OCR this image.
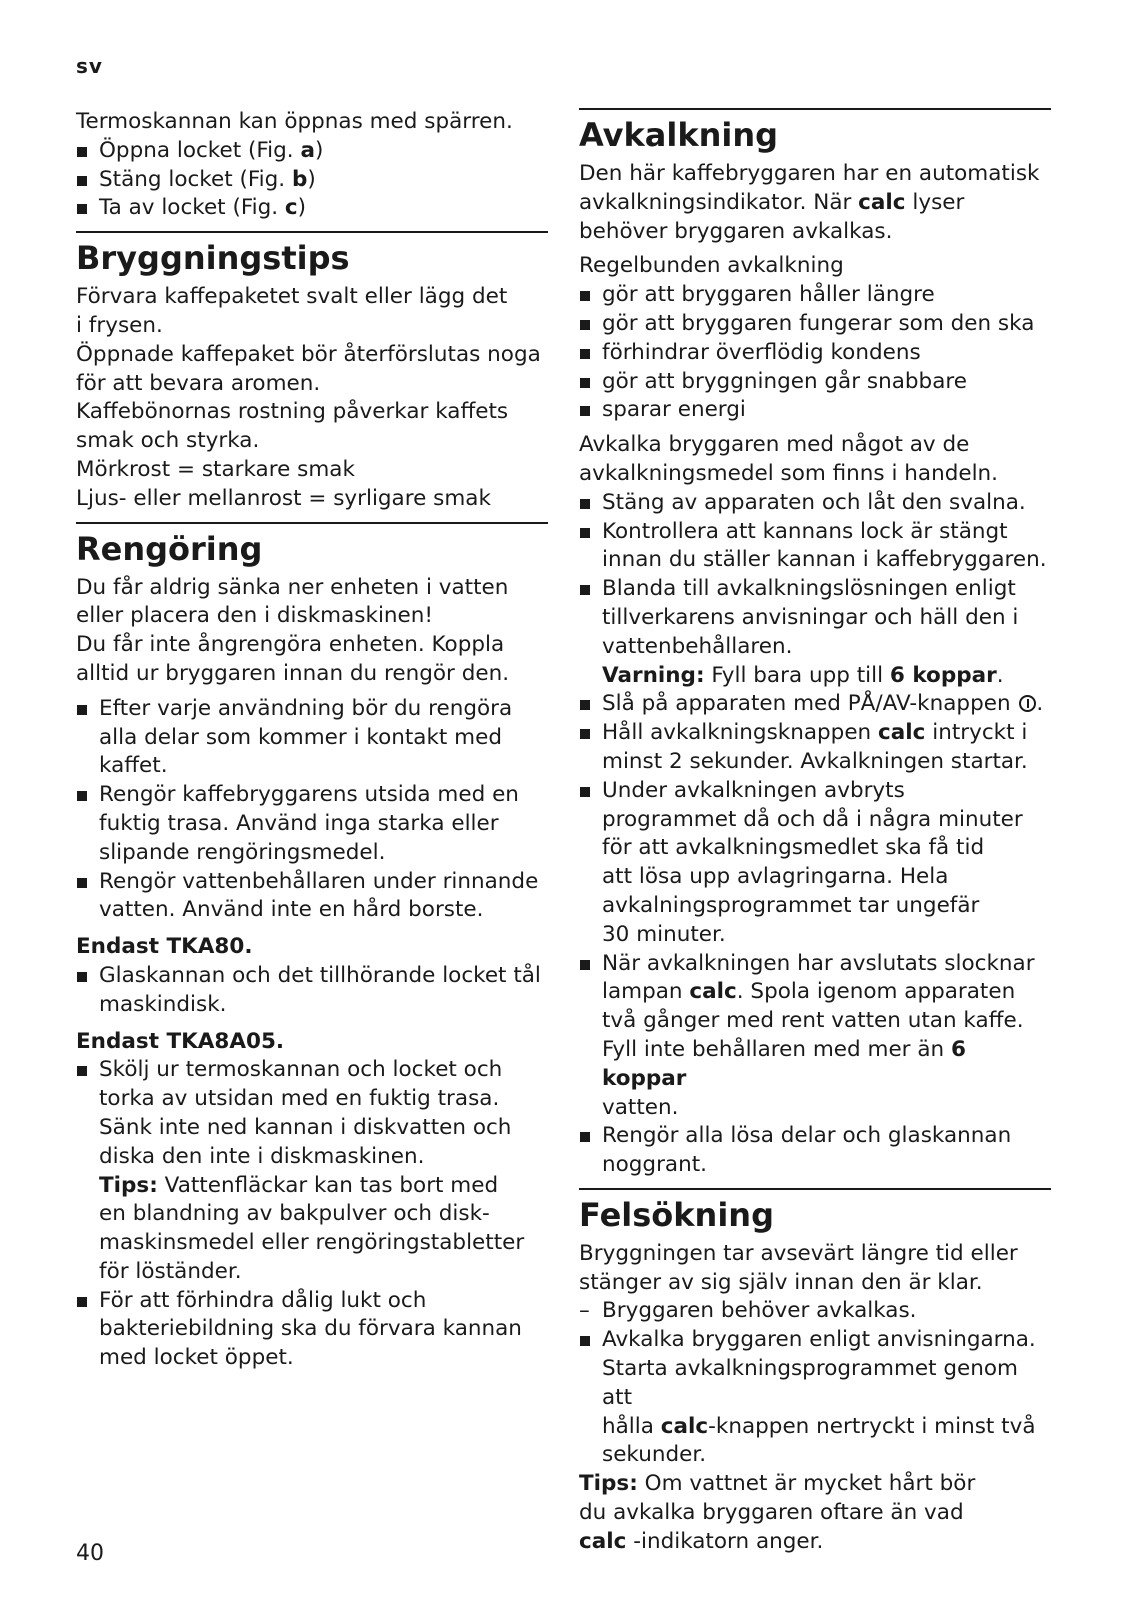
sv

Termoskannan kan öppnas med spärren.

Öppna locket (Fig. a)
Stäng locket (Fig. b)
Ta av locket (Fig. c)
Bryggningstips

Förvara kaffepaketet svalt eller lägg det
i frysen.
Öppnade kaffepaket bör återförslutas noga
för att bevara aromen.
Kaffebönornas rostning påverkar kaffets
smak och styrka.
Mörkrost = starkare smak
Ljus- eller mellanrost = syrligare smak

Rengöring

Du får aldrig sänka ner enheten i vatten
eller placera den i diskmaskinen!
Du får inte ångrengöra enheten. Koppla
alltid ur bryggaren innan du rengör den.

Efter varje användning bör du rengöra
alla delar som kommer i kontakt med
kaffet.
Rengör kaffebryggarens utsida med en
fuktig trasa. Använd inga starka eller
slipande rengöringsmedel.
Rengör vattenbehållaren under rinnande
vatten. Använd inte en hård borste.

Endast TKA80.

Glaskannan och det tillhörande locket tål
maskindisk.

Endast TKA8A05.

Skölj ur termoskannan och locket och
torka av utsidan med en fuktig trasa.
Sänk inte ned kannan i diskvatten och
diska den inte i diskmaskinen.
Tips: Vattenfläckar kan tas bort med
en blandning av bakpulver och disk-
maskinsmedel eller rengöringstabletter
för löständer.
För att förhindra dålig lukt och
bakteriebildning ska du förvara kannan
med locket öppet.
Avkalkning

Den här kaffebryggaren har en automatisk
avkalkningsindikator. När calc lyser
behöver bryggaren avkalkas.

Regelbunden avkalkning

gör att bryggaren håller längre
gör att bryggaren fungerar som den ska
förhindrar överflödig kondens
gör att bryggningen går snabbare
sparar energi

Avkalka bryggaren med något av de
avkalkningsmedel som finns i handeln.

Stäng av apparaten och låt den svalna.
Kontrollera att kannans lock är stängt
innan du ställer kannan i kaffebryggaren.
Blanda till avkalkningslösningen enligt
tillverkarens anvisningar och häll den i
vattenbehållaren.
Varning: Fyll bara upp till 6 koppar.
Slå på apparaten med PÅ/AV-knappen .
Håll avkalkningsknappen calc intryckt i
minst 2 sekunder. Avkalkningen startar.
Under avkalkningen avbryts
programmet då och då i några minuter
för att avkalkningsmedlet ska få tid
att lösa upp avlagringarna. Hela
avkalningsprogrammet tar ungefär
30 minuter.
När avkalkningen har avslutats slocknar
lampan calc. Spola igenom apparaten
två gånger med rent vatten utan kaffe.
Fyll inte behållaren med mer än 6 koppar
vatten.
Rengör alla lösa delar och glaskannan
noggrant.
Felsökning

Bryggningen tar avsevärt längre tid eller
stänger av sig själv innan den är klar.

Bryggaren behöver avkalkas.
Avkalka bryggaren enligt anvisningarna.
Starta avkalkningsprogrammet genom att
hålla calc-knappen nertryckt i minst två
sekunder.

Tips: Om vattnet är mycket hårt bör
du avkalka bryggaren oftare än vad
calc -indikatorn anger.

40
